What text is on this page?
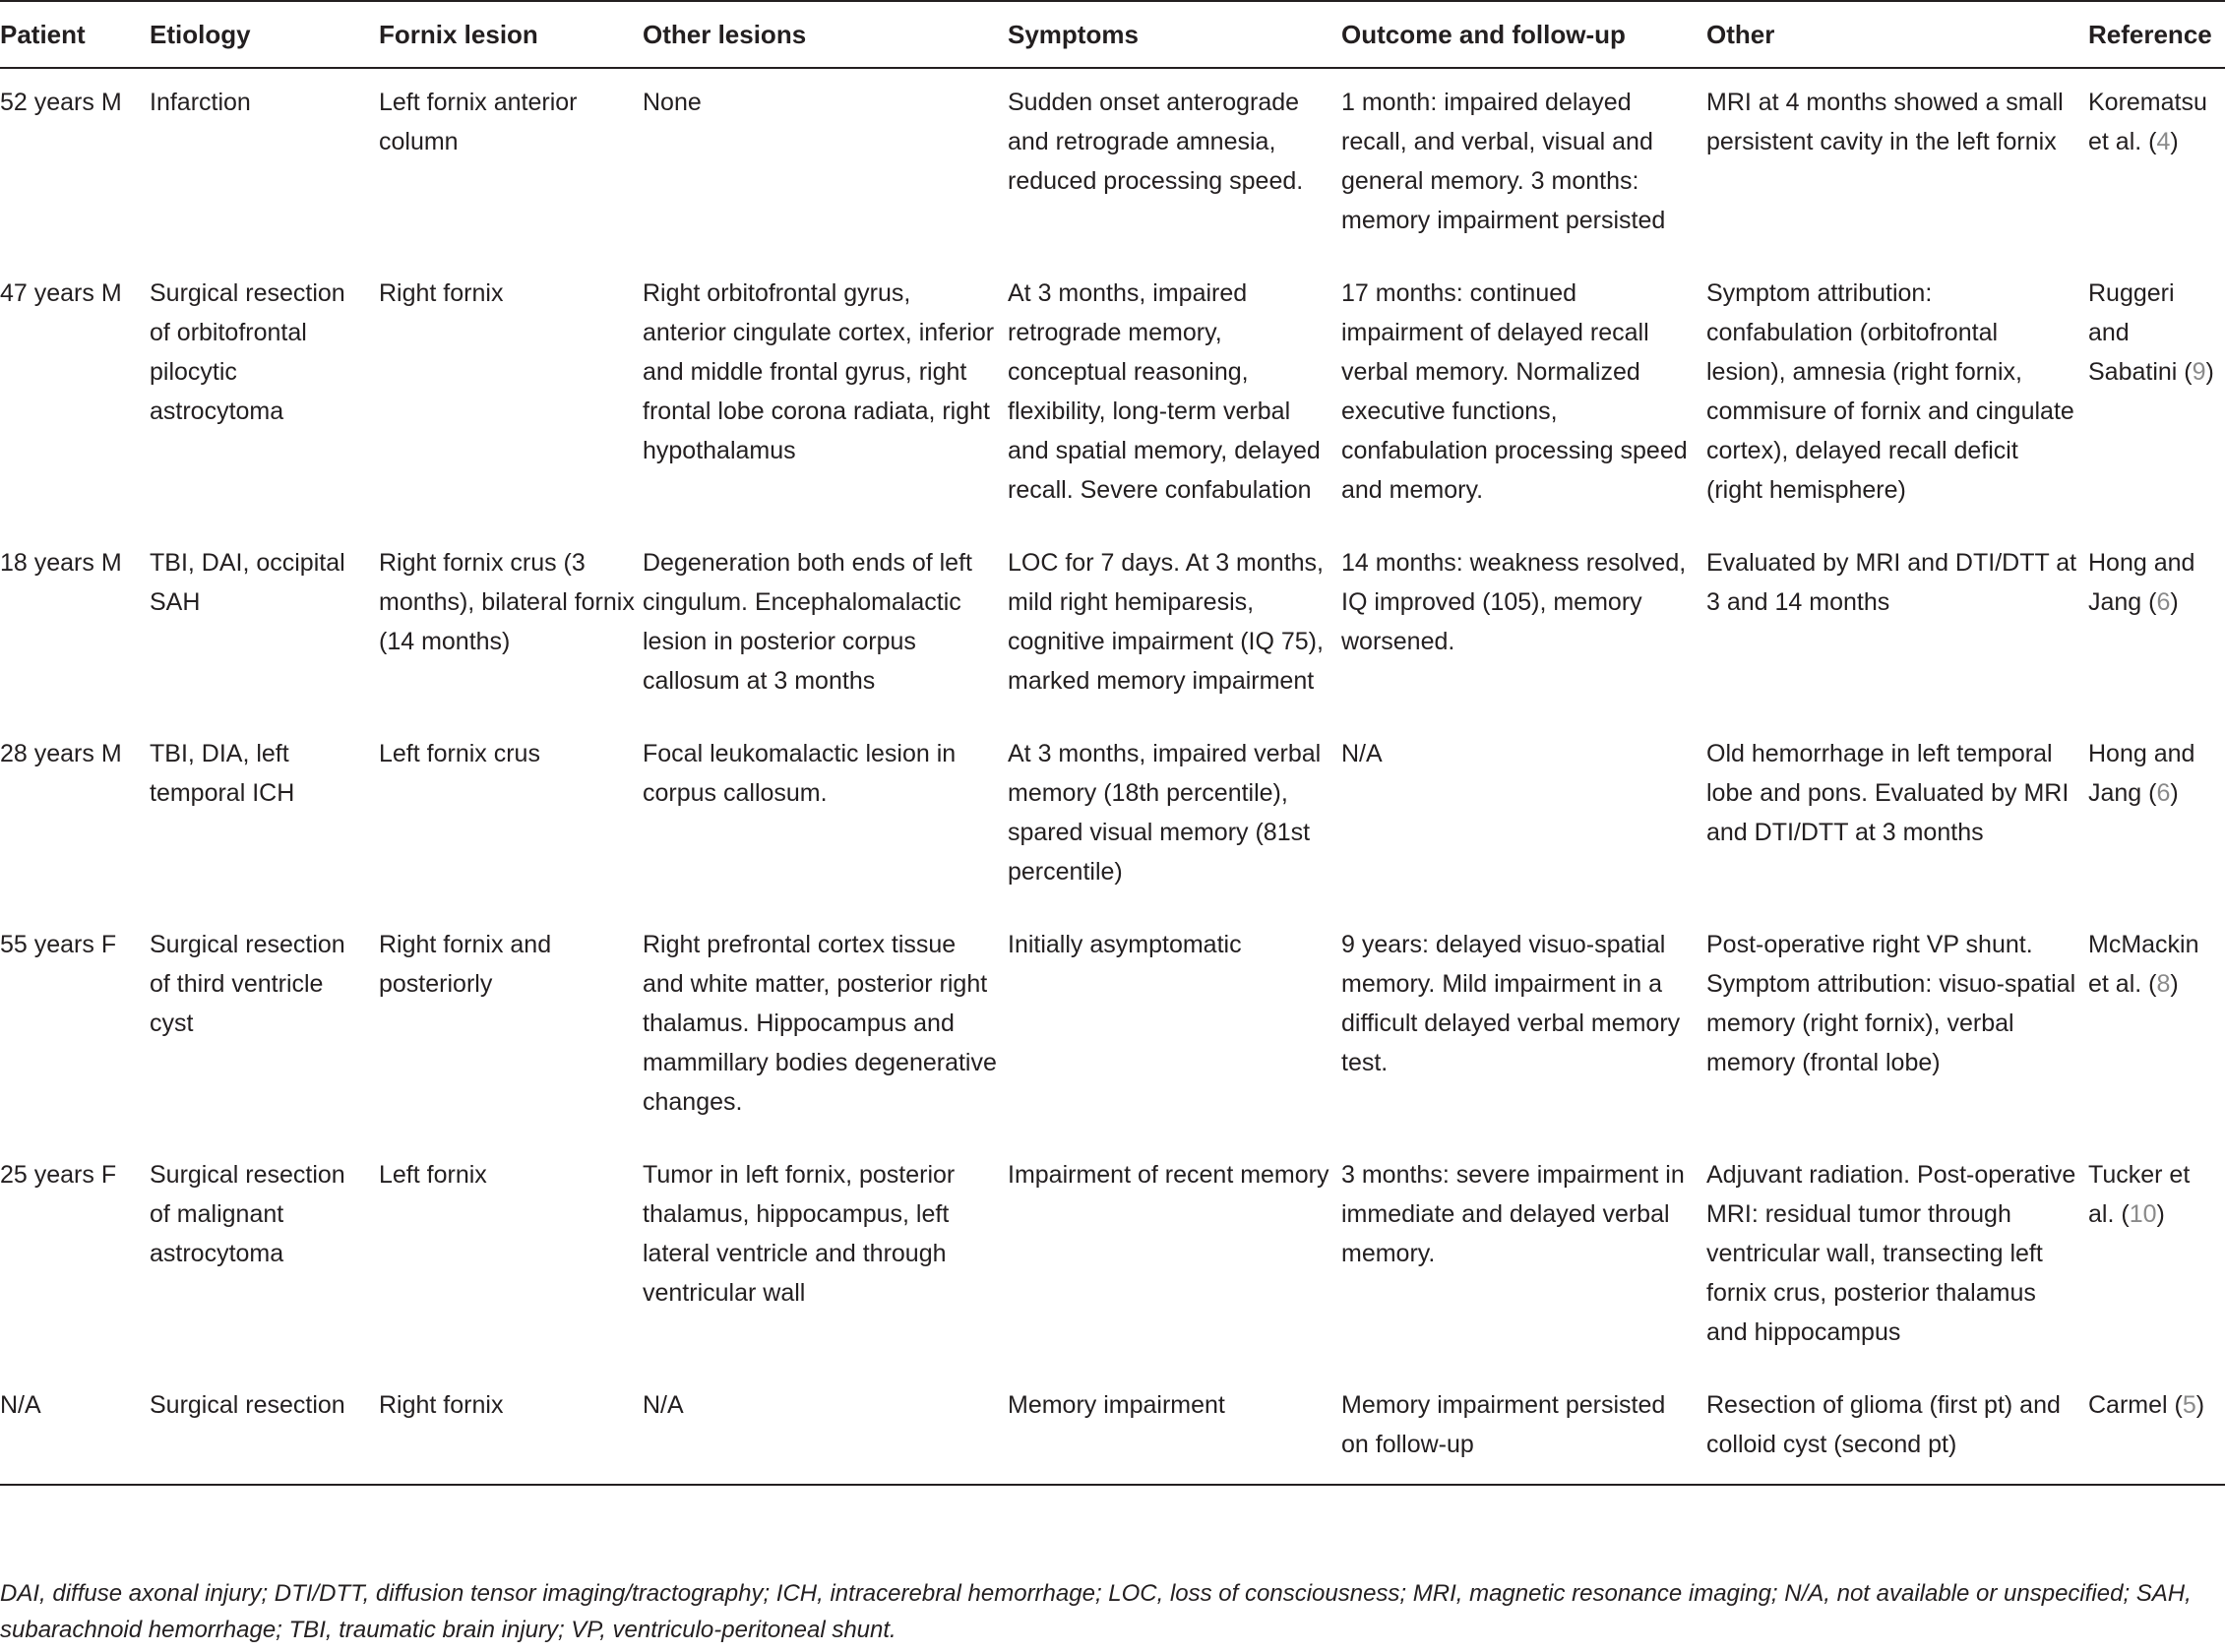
Patient	Etiology	Fornix lesion	Other lesions	Symptoms	Outcome and follow-up	Other	Reference
52 years M	Infarction	Left fornix anterior column	None	Sudden onset anterograde and retrograde amnesia, reduced processing speed.	1 month: impaired delayed recall, and verbal, visual and general memory. 3 months: memory impairment persisted	MRI at 4 months showed a small persistent cavity in the left fornix	Korematsu et al. (4)
47 years M	Surgical resection of orbitofrontal pilocytic astrocytoma	Right fornix	Right orbitofrontal gyrus, anterior cingulate cortex, inferior and middle frontal gyrus, right frontal lobe corona radiata, right hypothalamus	At 3 months, impaired retrograde memory, conceptual reasoning, flexibility, long-term verbal and spatial memory, delayed recall. Severe confabulation	17 months: continued impairment of delayed recall verbal memory. Normalized executive functions, confabulation processing speed and memory.	Symptom attribution: confabulation (orbitofrontal lesion), amnesia (right fornix, commisure of fornix and cingulate cortex), delayed recall deficit (right hemisphere)	Ruggeri and Sabatini (9)
18 years M	TBI, DAI, occipital SAH	Right fornix crus (3 months), bilateral fornix (14 months)	Degeneration both ends of left cingulum. Encephalomalactic lesion in posterior corpus callosum at 3 months	LOC for 7 days. At 3 months, mild right hemiparesis, cognitive impairment (IQ 75), marked memory impairment	14 months: weakness resolved, IQ improved (105), memory worsened.	Evaluated by MRI and DTI/DTT at 3 and 14 months	Hong and Jang (6)
28 years M	TBI, DIA, left temporal ICH	Left fornix crus	Focal leukomalactic lesion in corpus callosum.	At 3 months, impaired verbal memory (18th percentile), spared visual memory (81st percentile)	N/A	Old hemorrhage in left temporal lobe and pons. Evaluated by MRI and DTI/DTT at 3 months	Hong and Jang (6)
55 years F	Surgical resection of third ventricle cyst	Right fornix and posteriorly	Right prefrontal cortex tissue and white matter, posterior right thalamus. Hippocampus and mammillary bodies degenerative changes.	Initially asymptomatic	9 years: delayed visuo-spatial memory. Mild impairment in a difficult delayed verbal memory test.	Post-operative right VP shunt. Symptom attribution: visuo-spatial memory (right fornix), verbal memory (frontal lobe)	McMackin et al. (8)
25 years F	Surgical resection of malignant astrocytoma	Left fornix	Tumor in left fornix, posterior thalamus, hippocampus, left lateral ventricle and through ventricular wall	Impairment of recent memory	3 months: severe impairment in immediate and delayed verbal memory.	Adjuvant radiation. Post-operative MRI: residual tumor through ventricular wall, transecting left fornix crus, posterior thalamus and hippocampus	Tucker et al. (10)
N/A	Surgical resection	Right fornix	N/A	Memory impairment	Memory impairment persisted on follow-up	Resection of glioma (first pt) and colloid cyst (second pt)	Carmel (5)
DAI, diffuse axonal injury; DTI/DTT, diffusion tensor imaging/tractography; ICH, intracerebral hemorrhage; LOC, loss of consciousness; MRI, magnetic resonance imaging; N/A, not available or unspecified; SAH, subarachnoid hemorrhage; TBI, traumatic brain injury; VP, ventriculo-peritoneal shunt.
